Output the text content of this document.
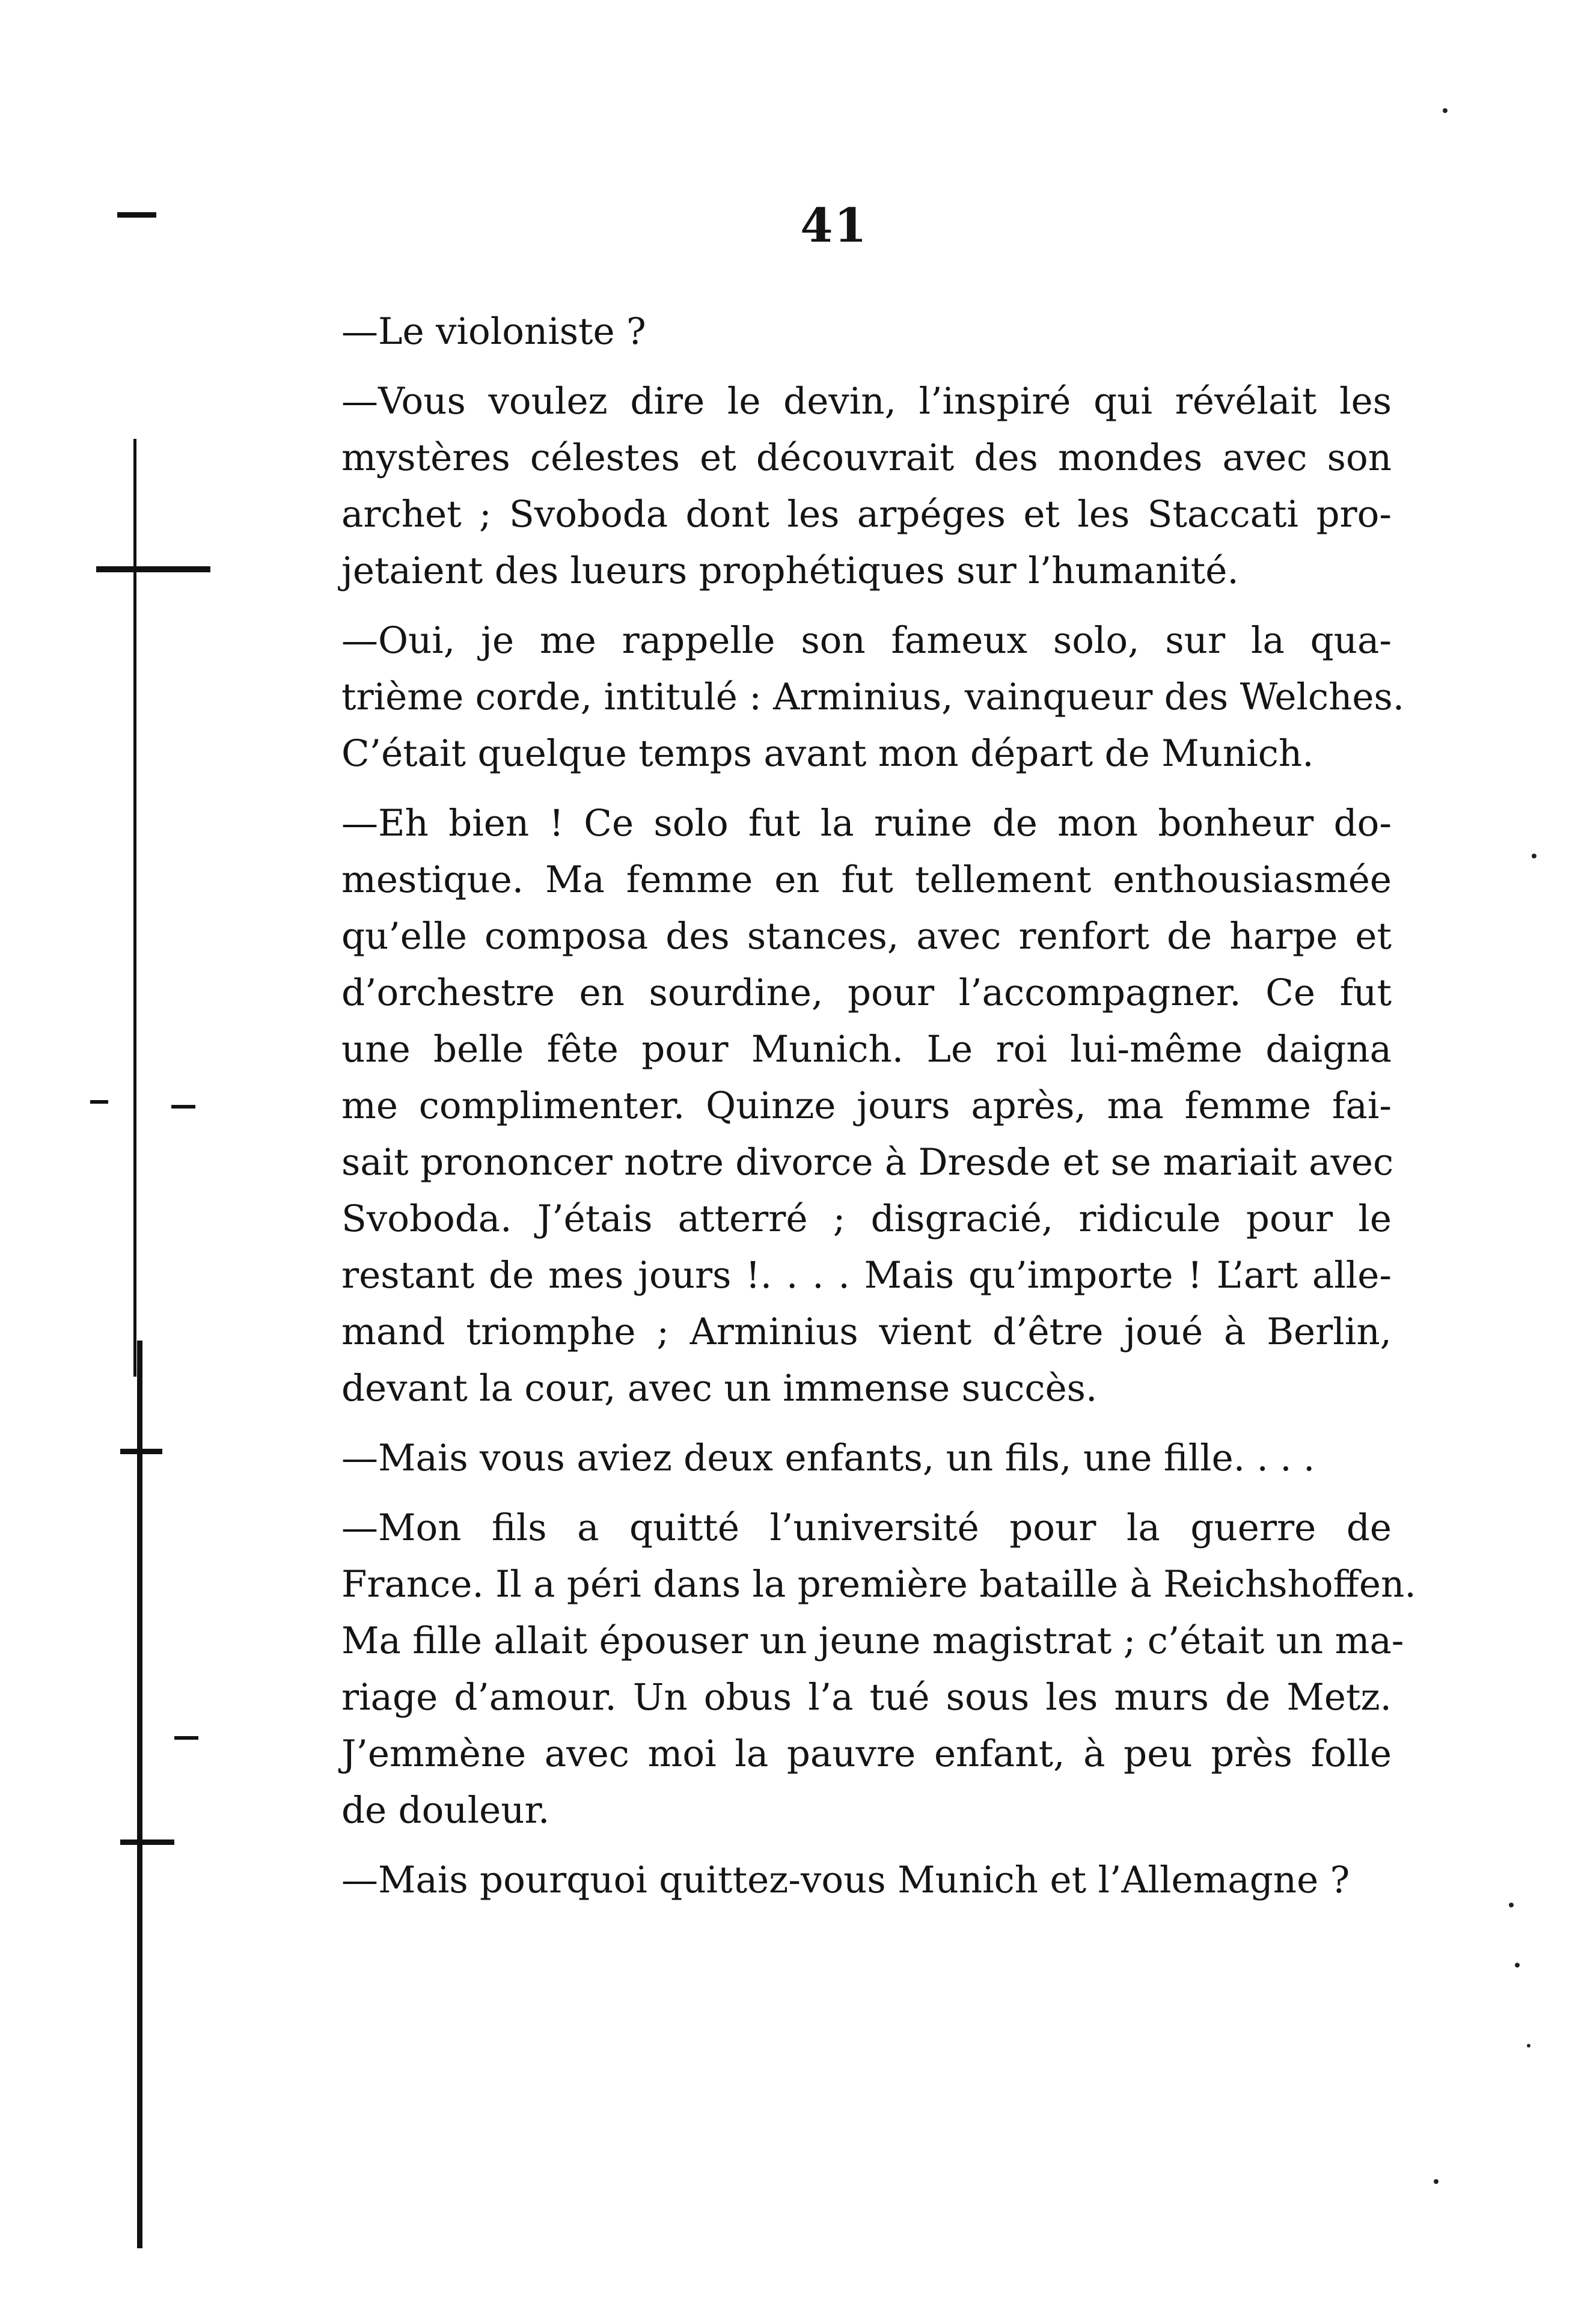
41

—Le violoniste ?

—Vous voulez dire le devin, l’inspiré qui révélait les
mystères célestes et découvrait des mondes avec son
archet ; Svoboda dont les arpéges et les Staccati pro-
jetaient des lueurs prophétiques sur l’humanité.

—Oui, je me rappelle son fameux solo, sur la qua-
trième corde, intitulé : Arminius, vainqueur des Welches.
C’était quelque temps avant mon départ de Munich.

—Eh bien ! Ce solo fut la ruine de mon bonheur do-
mestique. Ma femme en fut tellement enthousiasmée
qu’elle composa des stances, avec renfort de harpe et
d’orchestre en sourdine, pour l’accompagner. Ce fut
une belle fête pour Munich. Le roi lui-même daigna
me complimenter. Quinze jours après, ma femme fai-
sait prononcer notre divorce à Dresde et se mariait avec
Svoboda. J’étais atterré ; disgracié, ridicule pour le
restant de mes jours !. . . . Mais qu’importe ! L’art alle-
mand triomphe ; Arminius vient d’être joué à Berlin,
devant la cour, avec un immense succès.

—Mais vous aviez deux enfants, un fils, une fille. . . .

—Mon fils a quitté l’université pour la guerre de
France. Il a péri dans la première bataille à Reichshoffen.
Ma fille allait épouser un jeune magistrat ; c’était un ma-
riage d’amour. Un obus l’a tué sous les murs de Metz.
J’emmène avec moi la pauvre enfant, à peu près folle
de douleur.

—Mais pourquoi quittez-vous Munich et l’Allemagne ?
